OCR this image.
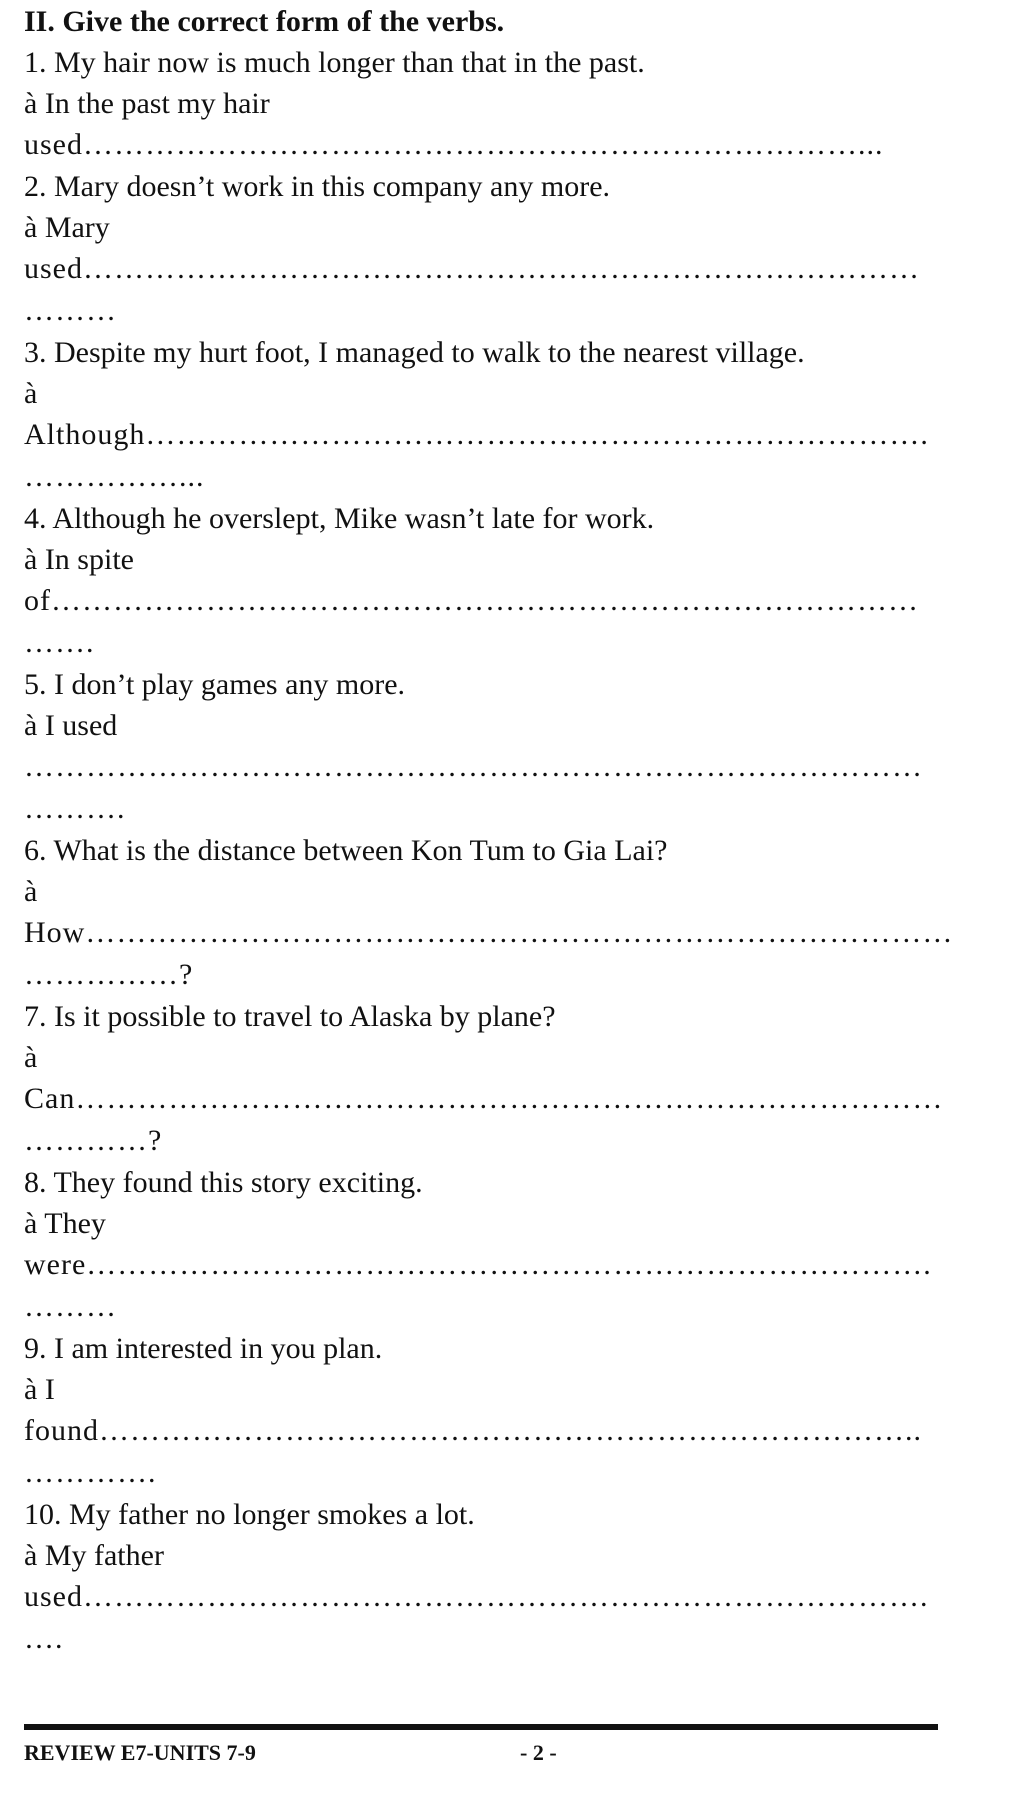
II. Give the correct form of the verbs.
1. My hair now is much longer than that in the past.
à In the past my hair
used…………………………………………………………………...
2. Mary doesn’t work in this company any more.
à Mary
used………………………………………………………………………
………
3. Despite my hurt foot, I managed to walk to the nearest village.
à
Although………………………………………………………………….
……………...
4. Although he overslept, Mike wasn’t late for work.
à In spite
of…………………………………………………………………………
…….
5. I don’t play games any more.
à I used
……………………………………………………………………………
……….
6. What is the distance between Kon Tum to Gia Lai?
à
How…………………………………………………………………………
……………?
7. Is it possible to travel to Alaska by plane?
à
Can…………………………………………………………………………
…………?
8. They found this story exciting.
à They
were……………………………………………………………………….
………
9. I am interested in you plan.
à I
found……………………………………………………………………..
………….
10. My father no longer smokes a lot.
à My father
used……………………………………………………………………….
….
REVIEW E7-UNITS 7-9	- 2 -
